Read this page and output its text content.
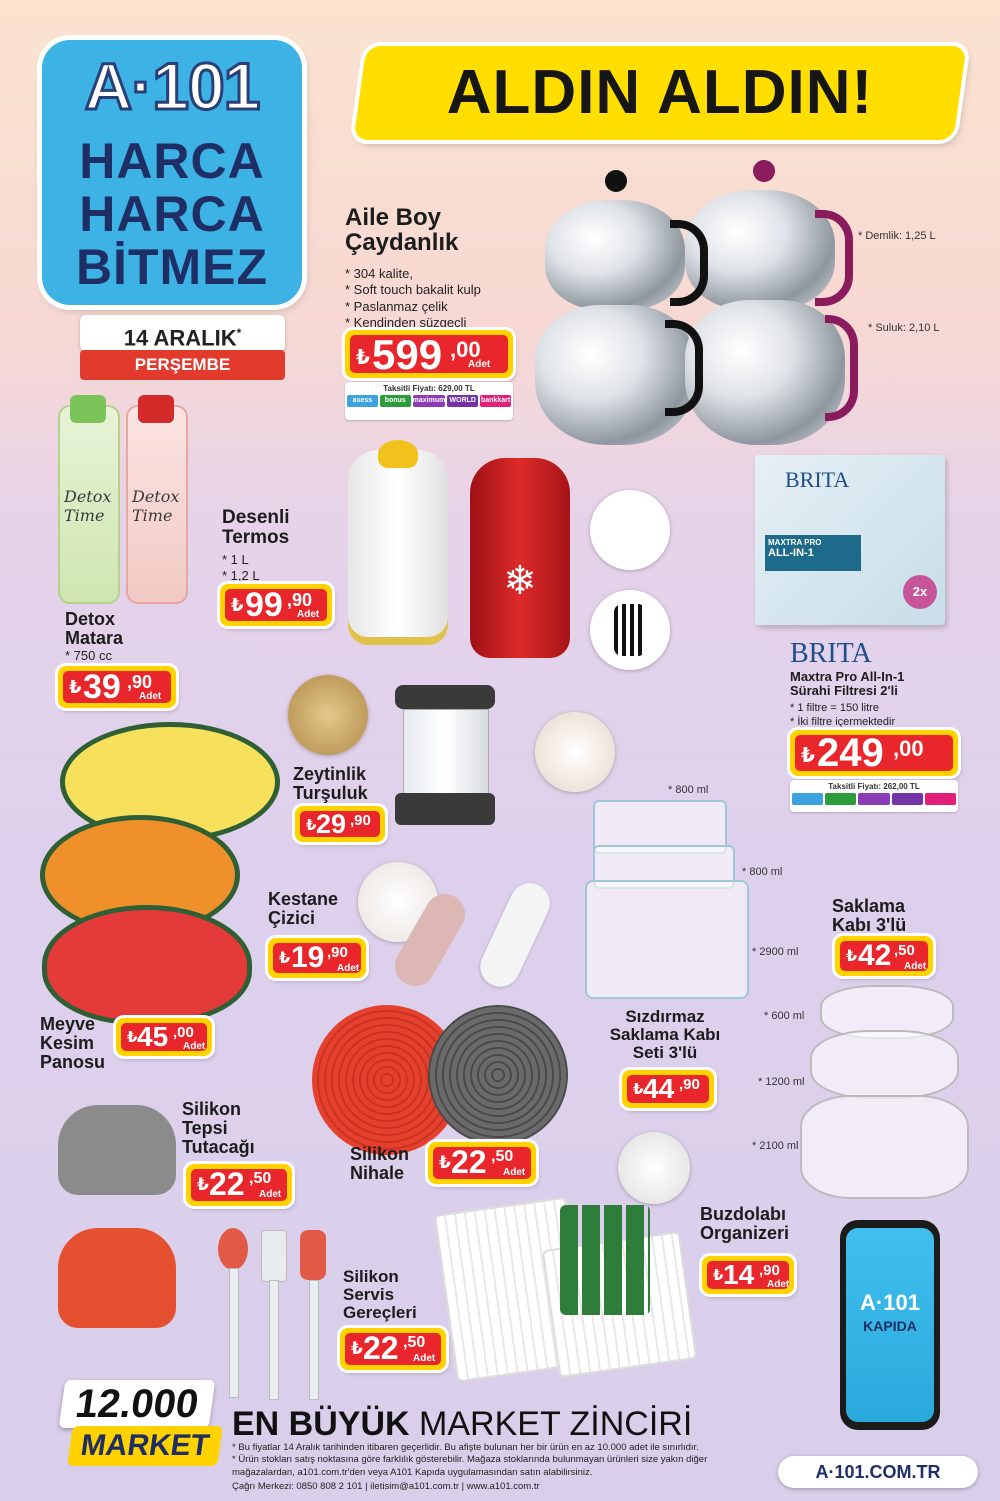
A·101
HARCA
HARCA
BİTMEZ
14 ARALIK*
PERŞEMBE
ALDIN ALDIN!
Aile Boy
Çaydanlık
* 304 kalite,
* Soft touch bakalit kulp
* Paslanmaz çelik
* Kendinden süzgeçli
₺ 599 ,00
Adet
Taksitli Fiyatı: 629,00 TL
axess	bonus maximum WORLD bankkart
* Demlik: 1,25 L
* Suluk: 2,10 L
Detox Time
Detox Time
Detox
Matara
* 750 cc
₺ 39 ,90
Adet
Desenli
Termos
* 1 L
* 1,2 L
₺ 99 ,90
Adet
❄
BRITA
MAXTRA PRO
ALL-IN-1
2x
BRITA
Maxtra Pro All-In-1
Sürahi Filtresi 2'li
* 1 filtre = 150 litre
* İki filtre içermektedir
₺ 249 ,00
Taksitli Fiyatı: 262,00 TL
Zeytinlik
Turşuluk
₺ 29 ,90
Meyve
Kesim
Panosu
₺ 45 ,00
Adet
Kestane
Çizici
₺ 19 ,90
Adet
* 800 ml
* 800 ml
* 2900 ml
Saklama
Kabı 3'lü
₺ 42 ,50
Adet
Sızdırmaz
Saklama Kabı
Seti 3'lü
₺ 44 ,90
* 600 ml
* 1200 ml
* 2100 ml
Silikon
Nihale
₺ 22 ,50
Adet
Silikon
Tepsi
Tutacağı
₺ 22 ,50
Adet
Silikon
Servis
Gereçleri
₺ 22 ,50
Adet
Buzdolabı
Organizeri
₺ 14 ,90
Adet
A·101
KAPIDA
12.000
MARKET
EN BÜYÜK MARKET ZİNCİRİ
* Bu fiyatlar 14 Aralık tarihinden itibaren geçerlidir. Bu afişte bulunan her bir ürün en az 10.000 adet ile sınırlıdır.
* Ürün stokları satış noktasına göre farklılık gösterebilir. Mağaza stoklarında bulunmayan ürünleri size yakın diğer mağazalardan, a101.com.tr'den veya A101 Kapıda uygulamasından satın alabilirsiniz.
Çağrı Merkezi: 0850 808 2 101 | iletisim@a101.com.tr | www.a101.com.tr
A·101.COM.TR
